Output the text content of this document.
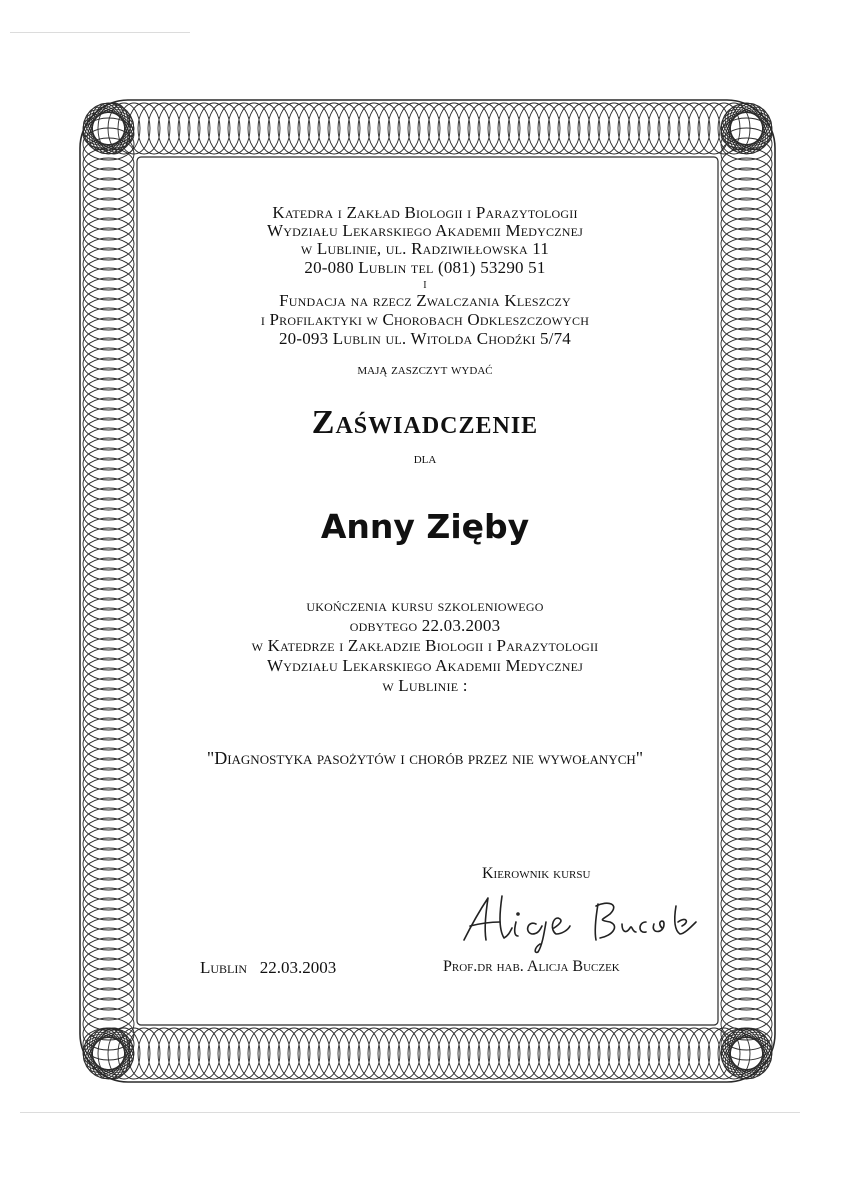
Katedra i Zakład Biologii i Parazytologii
Wydziału Lekarskiego Akademii Medycznej
w Lublinie, ul. Radziwiłłowska 11
20-080 Lublin tel (081) 53290 51
i
Fundacja na rzecz Zwalczania Kleszczy
i Profilaktyki w Chorobach Odkleszczowych
20-093 Lublin ul. Witolda Chodźki 5/74
mają zaszczyt wydać
Zaświadczenie
dla
Anny Zięby
ukończenia kursu szkoleniowego
odbytego 22.03.2003
w Katedrze i Zakładzie Biologii i Parazytologii
Wydziału Lekarskiego Akademii Medycznej
w Lublinie :
"Diagnostyka pasożytów i chorób przez nie wywołanych"
Kierownik kursu
Lublin   22.03.2003	Prof.dr hab. Alicja Buczek
